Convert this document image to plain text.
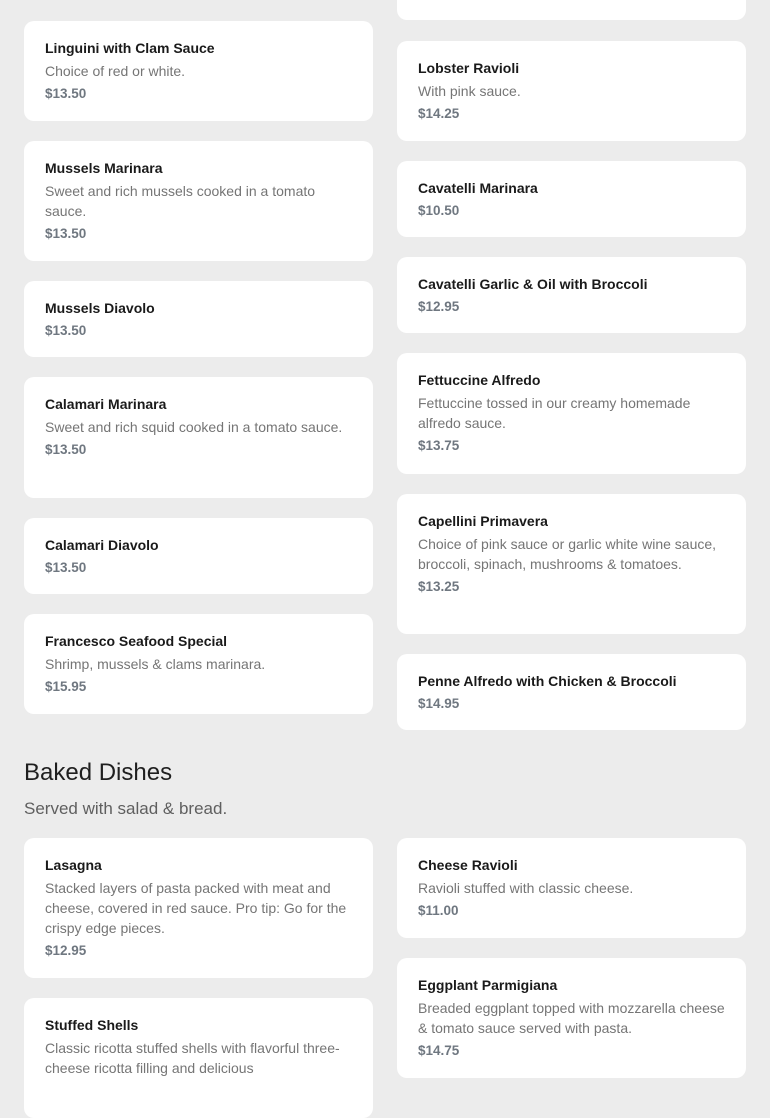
Linguini with Clam Sauce
Choice of red or white.
$13.50
Mussels Marinara
Sweet and rich mussels cooked in a tomato sauce.
$13.50
Mussels Diavolo
$13.50
Calamari Marinara
Sweet and rich squid cooked in a tomato sauce.
$13.50
Calamari Diavolo
$13.50
Francesco Seafood Special
Shrimp, mussels & clams marinara.
$15.95
Lobster Ravioli
With pink sauce.
$14.25
Cavatelli Marinara
$10.50
Cavatelli Garlic & Oil with Broccoli
$12.95
Fettuccine Alfredo
Fettuccine tossed in our creamy homemade alfredo sauce.
$13.75
Capellini Primavera
Choice of pink sauce or garlic white wine sauce, broccoli, spinach, mushrooms & tomatoes.
$13.25
Penne Alfredo with Chicken & Broccoli
$14.95
Baked Dishes
Served with salad & bread.
Lasagna
Stacked layers of pasta packed with meat and cheese, covered in red sauce. Pro tip: Go for the crispy edge pieces.
$12.95
Stuffed Shells
Classic ricotta stuffed shells with flavorful three-cheese ricotta filling and delicious
Cheese Ravioli
Ravioli stuffed with classic cheese.
$11.00
Eggplant Parmigiana
Breaded eggplant topped with mozzarella cheese & tomato sauce served with pasta.
$14.75
